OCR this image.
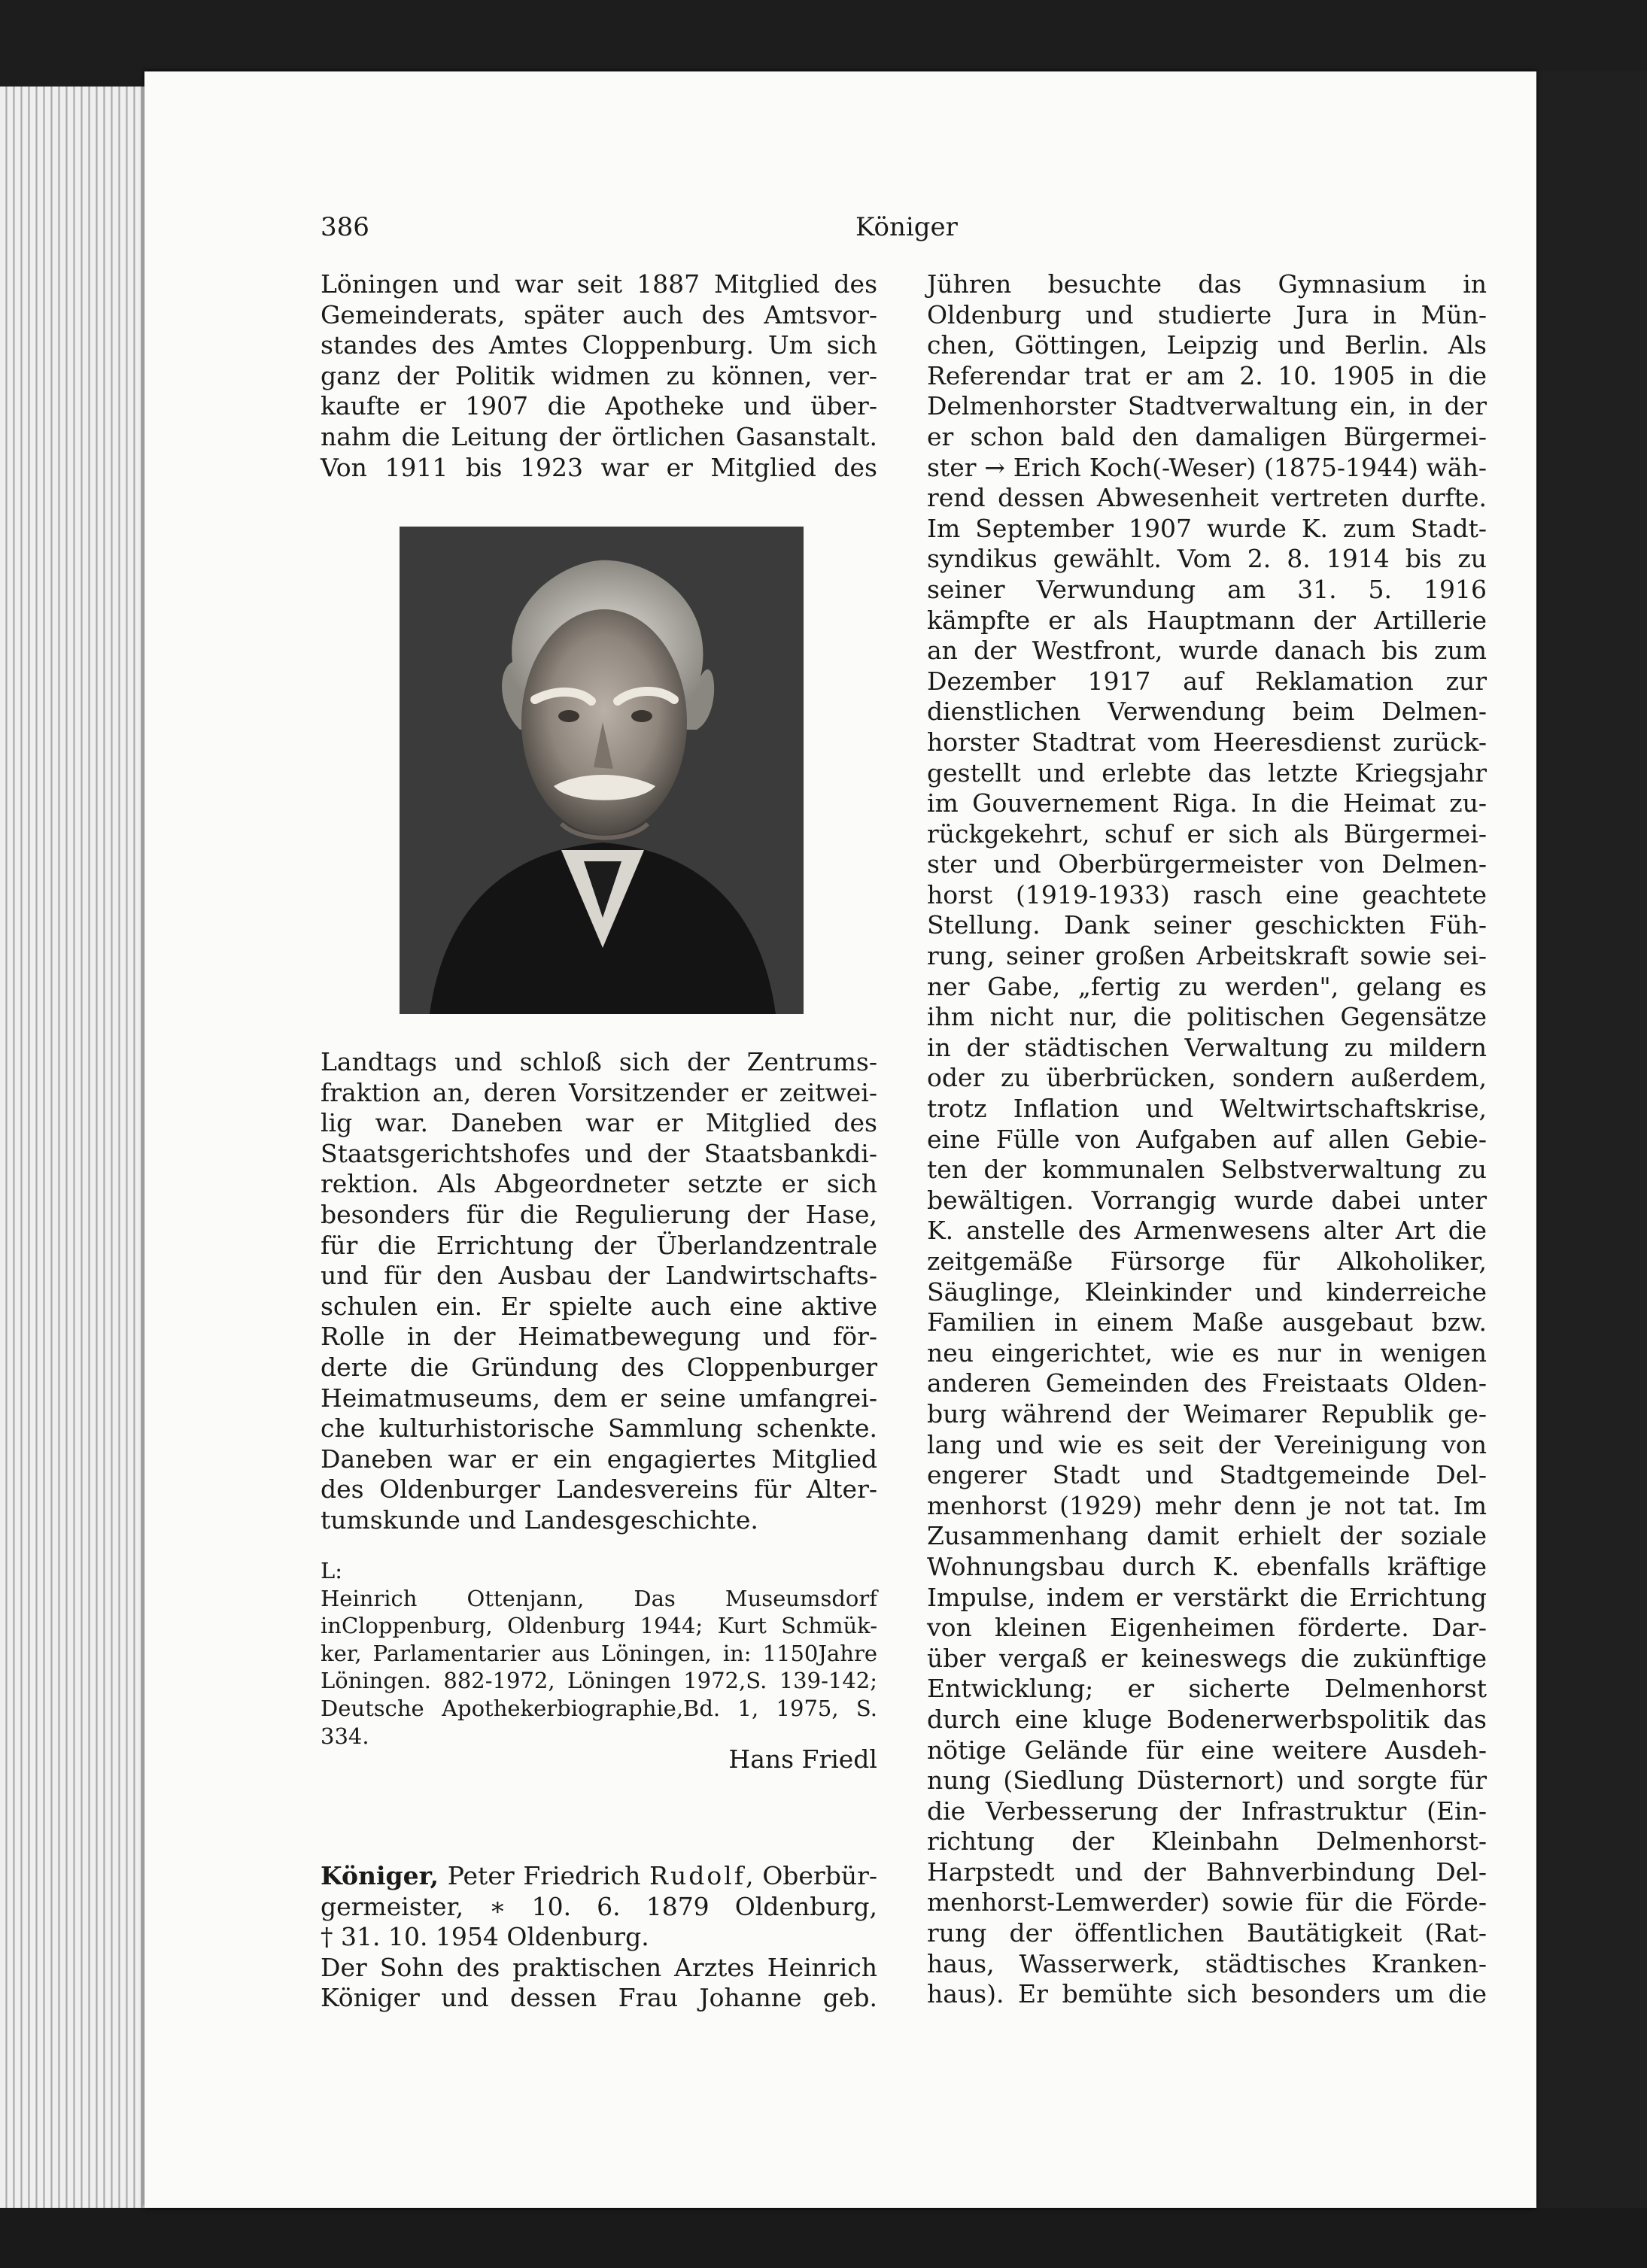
386	Königer
Löningen und war seit 1887 Mitglied des
Gemeinderats, später auch des Amtsvor-
standes des Amtes Cloppenburg. Um sich
ganz der Politik widmen zu können, ver-
kaufte er 1907 die Apotheke und über-
nahm die Leitung der örtlichen Gasanstalt.
Von 1911 bis 1923 war er Mitglied des
Landtags und schloß sich der Zentrums-
fraktion an, deren Vorsitzender er zeitwei-
lig war. Daneben war er Mitglied des
Staatsgerichtshofes und der Staatsbankdi-
rektion. Als Abgeordneter setzte er sich
besonders für die Regulierung der Hase,
für die Errichtung der Überlandzentrale
und für den Ausbau der Landwirtschafts-
schulen ein. Er spielte auch eine aktive
Rolle in der Heimatbewegung und för-
derte die Gründung des Cloppenburger
Heimatmuseums, dem er seine umfangrei-
che kulturhistorische Sammlung schenkte.
Daneben war er ein engagiertes Mitglied
des Oldenburger Landesvereins für Alter-
tumskunde und Landesgeschichte.
L:
Heinrich Ottenjann, Das Museumsdorf inCloppenburg, Oldenburg 1944; Kurt Schmük-ker, Parlamentarier aus Löningen, in: 1150Jahre Löningen. 882-1972, Löningen 1972,S. 139-142; Deutsche Apothekerbiographie,Bd. 1, 1975, S. 334.
Hans Friedl
Königer, Peter Friedrich Rudolf, Oberbür-
germeister, ∗ 10. 6. 1879 Oldenburg,
† 31. 10. 1954 Oldenburg.
Der Sohn des praktischen Arztes Heinrich
Königer und dessen Frau Johanne geb.
Jühren besuchte das Gymnasium in
Oldenburg und studierte Jura in Mün-
chen, Göttingen, Leipzig und Berlin. Als
Referendar trat er am 2. 10. 1905 in die
Delmenhorster Stadtverwaltung ein, in der
er schon bald den damaligen Bürgermei-
ster → Erich Koch(-Weser) (1875-1944) wäh-
rend dessen Abwesenheit vertreten durfte.
Im September 1907 wurde K. zum Stadt-
syndikus gewählt. Vom 2. 8. 1914 bis zu
seiner Verwundung am 31. 5. 1916
kämpfte er als Hauptmann der Artillerie
an der Westfront, wurde danach bis zum
Dezember 1917 auf Reklamation zur
dienstlichen Verwendung beim Delmen-
horster Stadtrat vom Heeresdienst zurück-
gestellt und erlebte das letzte Kriegsjahr
im Gouvernement Riga. In die Heimat zu-
rückgekehrt, schuf er sich als Bürgermei-
ster und Oberbürgermeister von Delmen-
horst (1919-1933) rasch eine geachtete
Stellung. Dank seiner geschickten Füh-
rung, seiner großen Arbeitskraft sowie sei-
ner Gabe, „fertig zu werden", gelang es
ihm nicht nur, die politischen Gegensätze
in der städtischen Verwaltung zu mildern
oder zu überbrücken, sondern außerdem,
trotz Inflation und Weltwirtschaftskrise,
eine Fülle von Aufgaben auf allen Gebie-
ten der kommunalen Selbstverwaltung zu
bewältigen. Vorrangig wurde dabei unter
K. anstelle des Armenwesens alter Art die
zeitgemäße Fürsorge für Alkoholiker,
Säuglinge, Kleinkinder und kinderreiche
Familien in einem Maße ausgebaut bzw.
neu eingerichtet, wie es nur in wenigen
anderen Gemeinden des Freistaats Olden-
burg während der Weimarer Republik ge-
lang und wie es seit der Vereinigung von
engerer Stadt und Stadtgemeinde Del-
menhorst (1929) mehr denn je not tat. Im
Zusammenhang damit erhielt der soziale
Wohnungsbau durch K. ebenfalls kräftige
Impulse, indem er verstärkt die Errichtung
von kleinen Eigenheimen förderte. Dar-
über vergaß er keineswegs die zukünftige
Entwicklung; er sicherte Delmenhorst
durch eine kluge Bodenerwerbspolitik das
nötige Gelände für eine weitere Ausdeh-
nung (Siedlung Düsternort) und sorgte für
die Verbesserung der Infrastruktur (Ein-
richtung der Kleinbahn Delmenhorst-
Harpstedt und der Bahnverbindung Del-
menhorst-Lemwerder) sowie für die Förde-
rung der öffentlichen Bautätigkeit (Rat-
haus, Wasserwerk, städtisches Kranken-
haus). Er bemühte sich besonders um die
